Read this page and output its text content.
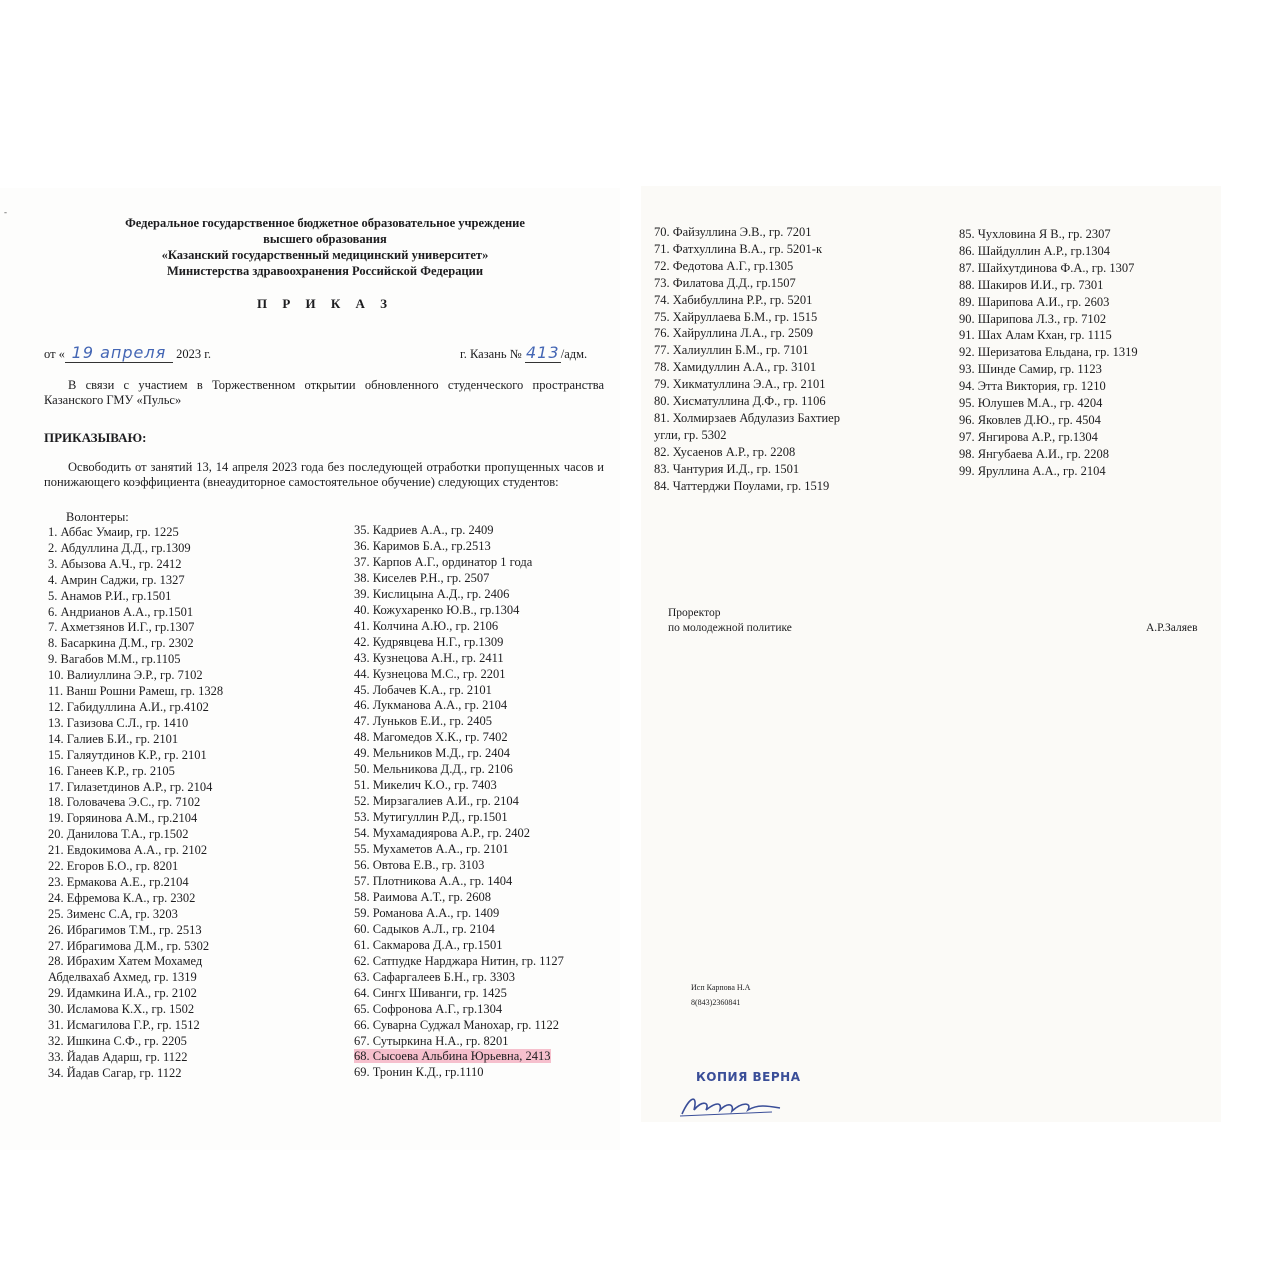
Федеральное государственное бюджетное образовательное учреждение
высшего образования
«Казанский государственный медицинский университет»
Министерства здравоохранения Российской Федерации
П Р И К А З
от « 19 апреля 2023 г.	г. Казань № 413/адм.
В связи с участием в Торжественном открытии обновленного студенческого пространства Казанского ГМУ «Пульс»
ПРИКАЗЫВАЮ:
Освободить от занятий 13, 14 апреля 2023 года без последующей отработки пропущенных часов и понижающего коэффициента (внеаудиторное самостоятельное обучение) следующих студентов:
Волонтеры:
1. Аббас Умаир, гр. 1225
2. Абдуллина Д.Д., гр.1309
3. Абызова А.Ч., гр. 2412
4. Амрин Саджи, гр. 1327
5. Анамов Р.И., гр.1501
6. Андрианов А.А., гр.1501
7. Ахметзянов И.Г., гр.1307
8. Басаркина Д.М., гр. 2302
9. Вагабов М.М., гр.1105
10. Валиуллина Э.Р., гр. 7102
11. Ванш Рошни Рамеш, гр. 1328
12. Габидуллина А.И., гр.4102
13. Газизова С.Л., гр. 1410
14. Галиев Б.И., гр. 2101
15. Галяутдинов К.Р., гр. 2101
16. Ганеев К.Р., гр. 2105
17. Гилазетдинов А.Р., гр. 2104
18. Головачева Э.С., гр. 7102
19. Горяинова А.М., гр.2104
20. Данилова Т.А., гр.1502
21. Евдокимова А.А., гр. 2102
22. Егоров Б.О., гр. 8201
23. Ермакова А.Е., гр.2104
24. Ефремова К.А., гр. 2302
25. Зименс С.А, гр. 3203
26. Ибрагимов Т.М., гр. 2513
27. Ибрагимова Д.М., гр. 5302
28. Ибрахим Хатем Мохамед
Абделвахаб Ахмед, гр. 1319
29. Идамкина И.А., гр. 2102
30. Исламова К.Х., гр. 1502
31. Исмагилова Г.Р., гр. 1512
32. Ишкина С.Ф., гр. 2205
33. Йадав Адарш, гр. 1122
34. Йадав Сагар, гр. 1122
35. Кадриев А.А., гр. 2409
36. Каримов Б.А., гр.2513
37. Карпов А.Г., ординатор 1 года
38. Киселев Р.Н., гр. 2507
39. Кислицына А.Д., гр. 2406
40. Кожухаренко Ю.В., гр.1304
41. Колчина А.Ю., гр. 2106
42. Кудрявцева Н.Г., гр.1309
43. Кузнецова А.Н., гр. 2411
44. Кузнецова М.С., гр. 2201
45. Лобачев К.А., гр. 2101
46. Лукманова А.А., гр. 2104
47. Луньков Е.И., гр. 2405
48. Магомедов Х.К., гр. 7402
49. Мельников М.Д., гр. 2404
50. Мельникова Д.Д., гр. 2106
51. Микелич К.О., гр. 7403
52. Мирзагалиев А.И., гр. 2104
53. Мутигуллин Р.Д., гр.1501
54. Мухамадиярова А.Р., гр. 2402
55. Мухаметов А.А., гр. 2101
56. Овтова Е.В., гр. 3103
57. Плотникова А.А., гр. 1404
58. Раимова А.Т., гр. 2608
59. Романова А.А., гр. 1409
60. Садыков А.Л., гр. 2104
61. Сакмарова Д.А., гр.1501
62. Сатпудке Нарджара Нитин, гр. 1127
63. Сафаргалеев Б.Н., гр. 3303
64. Сингх Шиванги, гр. 1425
65. Софронова А.Г., гр.1304
66. Суварна Суджал Манохар, гр. 1122
67. Сутыркина Н.А., гр. 8201
68. Сысоева Альбина Юрьевна, 2413
69. Тронин К.Д., гр.1110
-
70. Файзуллина Э.В., гр. 7201
71. Фатхуллина В.А., гр. 5201-к
72. Федотова А.Г., гр.1305
73. Филатова Д.Д., гр.1507
74. Хабибуллина Р.Р., гр. 5201
75. Хайруллаева Б.М., гр. 1515
76. Хайруллина Л.А., гр. 2509
77. Халиуллин Б.М., гр. 7101
78. Хамидуллин А.А., гр. 3101
79. Хикматуллина Э.А., гр. 2101
80. Хисматуллина Д.Ф., гр. 1106
81. Холмирзаев Абдулазиз Бахтиер
угли, гр. 5302
82. Хусаенов А.Р., гр. 2208
83. Чантурия И.Д., гр. 1501
84. Чаттерджи Поулами, гр. 1519
85. Чухловина Я В., гр. 2307
86. Шайдуллин А.Р., гр.1304
87. Шайхутдинова Ф.А., гр. 1307
88. Шакиров И.И., гр. 7301
89. Шарипова А.И., гр. 2603
90. Шарипова Л.З., гр. 7102
91. Шах Алам Кхан, гр. 1115
92. Шеризатова Ельдана, гр. 1319
93. Шинде Самир, гр. 1123
94. Этта Виктория, гр. 1210
95. Юлушев М.А., гр. 4204
96. Яковлев Д.Ю., гр. 4504
97. Янгирова А.Р., гр.1304
98. Янгубаева А.И., гр. 2208
99. Яруллина А.А., гр. 2104
Проректор
по молодежной политике	А.Р.Заляев
Исп Карпова Н.А
8(843)2360841
КОПИЯ ВЕРНА
